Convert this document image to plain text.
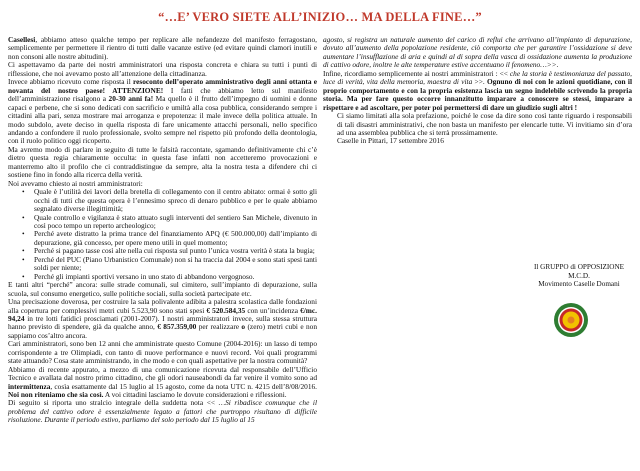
“…E’ VERO SIETE ALL’INIZIO… MA DELLA FINE…”

Casellesi, abbiamo atteso qualche tempo per replicare alle nefandezze del manifesto ferragostano, semplicemente per permettere il rientro di tutti dalle vacanze estive (ed evitare quindi clamori inutili e non consoni alle nostre abitudini).

Ci aspettavamo da parte dei nostri amministratori una risposta concreta e chiara su tutti i punti di riflessione, che noi avevamo posto all’attenzione della cittadinanza.

Invece abbiamo ricevuto come risposta il resoconto dell’operato amministrativo degli anni ottanta e novanta del nostro paese! ATTENZIONE! I fatti che abbiamo letto sul manifesto dell’amministrazione risalgono a 20-30 anni fa! Ma quello è il frutto dell’impegno di uomini e donne capaci e perbene, che si sono dedicati con sacrificio e umiltà alla cosa pubblica, considerando sempre i cittadini alla pari, senza mostrare mai arroganza e prepotenza: il male invece della politica attuale. In modo subdolo, avete deciso in quella risposta di fare unicamente attacchi personali, nello specifico andando a confondere il ruolo professionale, svolto sempre nel rispetto più profondo della deontologia, con il ruolo politico oggi ricoperto.

Ma avremo modo di parlare in seguito di tutte le falsità raccontate, sgamando definitivamente chi c’è dietro questa regia chiaramente occulta: in questa fase infatti non accetteremo provocazioni e manterremo alto il profilo che ci contraddistingue da sempre, alta la nostra testa a difendere chi ci sostiene fino in fondo alla ricerca della verità.

Noi avevamo chiesto ai nostri amministratori:

• Quale è l’utilità dei lavori della bretella di collegamento con il centro abitato: ormai è sotto gli occhi di tutti che questa opera è l’ennesimo spreco di denaro pubblico e per le quale abbiamo segnalato diverse illegittimità;
• Quale controllo e vigilanza è stato attuato sugli interventi del sentiero San Michele, divenuto in così poco tempo un reperto archeologico;
• Perché avete distratto la prima trance del finanziamento APQ (€ 500.000,00) dall’impianto di depurazione, già concesso, per opere meno utili in quel momento;
• Perché si pagano tasse così alte nella cui risposta sul punto l’unica vostra verità è stata la bugia;
• Perché del PUC (Piano Urbanistico Comunale) non si ha traccia dal 2004 e sono stati spesi tanti soldi per niente;
• Perché gli impianti sportivi versano in uno stato di abbandono vergognoso.

E tanti altri “perché” ancora: sulle strade comunali, sul cimitero, sull’impianto di depurazione, sulla scuola, sul consumo energetico, sulle politiche sociali, sulla società partecipate etc.

Una precisazione doverosa, per costruire la sala polivalente adibita a palestra scolastica dalle fondazioni alla copertura per complessivi metri cubi 5.523,90 sono stati spesi € 520.584,35 con un’incidenza €/mc. 94,24 in tre lotti fatidici prosciamati (2001-2007). I nostri amministratori invece, sulla stessa struttura hanno previsto di spendere, già da qualche anno, € 857.359,00 per realizzare o (zero) metri cubi e non sappiamo cos’altro ancora.

Cari amministratori, sono ben 12 anni che amministrate questo Comune (2004-2016): un lasso di tempo corrispondente a tre Olimpiadi, con tanto di nuove performance e nuovi record. Voi quali programmi state attuando? Cosa state amministrando, in che modo e con quali aspettative per la nostra comunità?

Abbiamo di recente appurato, a mezzo di una comunicazione ricevuta dal responsabile dell’Ufficio Tecnico e avallata dal nostro primo cittadino, che gli odori nauseabondi da far venire il vomito sono ad intermittenza, cosìa esattamente dal 15 luglio al 15 agosto, come da nota UTC n. 4215 dell’8/08/2016. Noi non riteniamo che sia così. A voi cittadini lasciamo le dovute considerazioni e riflessioni.

Di seguito si riporta uno stralcio integrale della suddetta nota << …Si ribadisce comunque che il problema del cattivo odore è essenzialmente legato a fattori che purtroppo risultano di difficile risoluzione. Durante il periodo estivo, parliamo del solo periodo dal 15 luglio al 15

agosto, si registra un naturale aumento del carico di reflui che arrivano all’impianto di depurazione, dovuto all’aumento della popolazione residente, ciò comporta che per garantire l’ossidazione si deve aumentare l’insufflazione di aria e quindi al di sopra della vasca di ossidazione aumenta la produzione di cattivo odore, inoltre le alte temperature estive accentuano il fenomeno…>>.

Infine, ricordiamo semplicemente ai nostri amministratori : << che la storia è testimonianza del passato, luce di verità, vita della memoria, maestra di vita >>. Ognuno di noi con le azioni quotidiane, con il proprio comportamento e con la propria esistenza lascia un segno indelebile scrivendo la propria storia. Ma per fare questo occorre innanzitutto imparare a conoscere se stessi, imparare a rispettare e ad ascoltare, per poter poi permettersi di dare un giudizio sugli altri !

Ci siamo limitati alla sola prefazione, poiché le cose da dire sono così tante riguardo i responsabili di tali disastri amministrativi, che non basta un manifesto per elencarle tutte. Vi invitiamo sin d’ora ad una assemblea pubblica che si terrà prossimamente.

Caselle in Pittari, 17 settembre 2016

Il GRUPPO di OPPOSIZIONE
M.C.D.
Movimento Caselle Domani
